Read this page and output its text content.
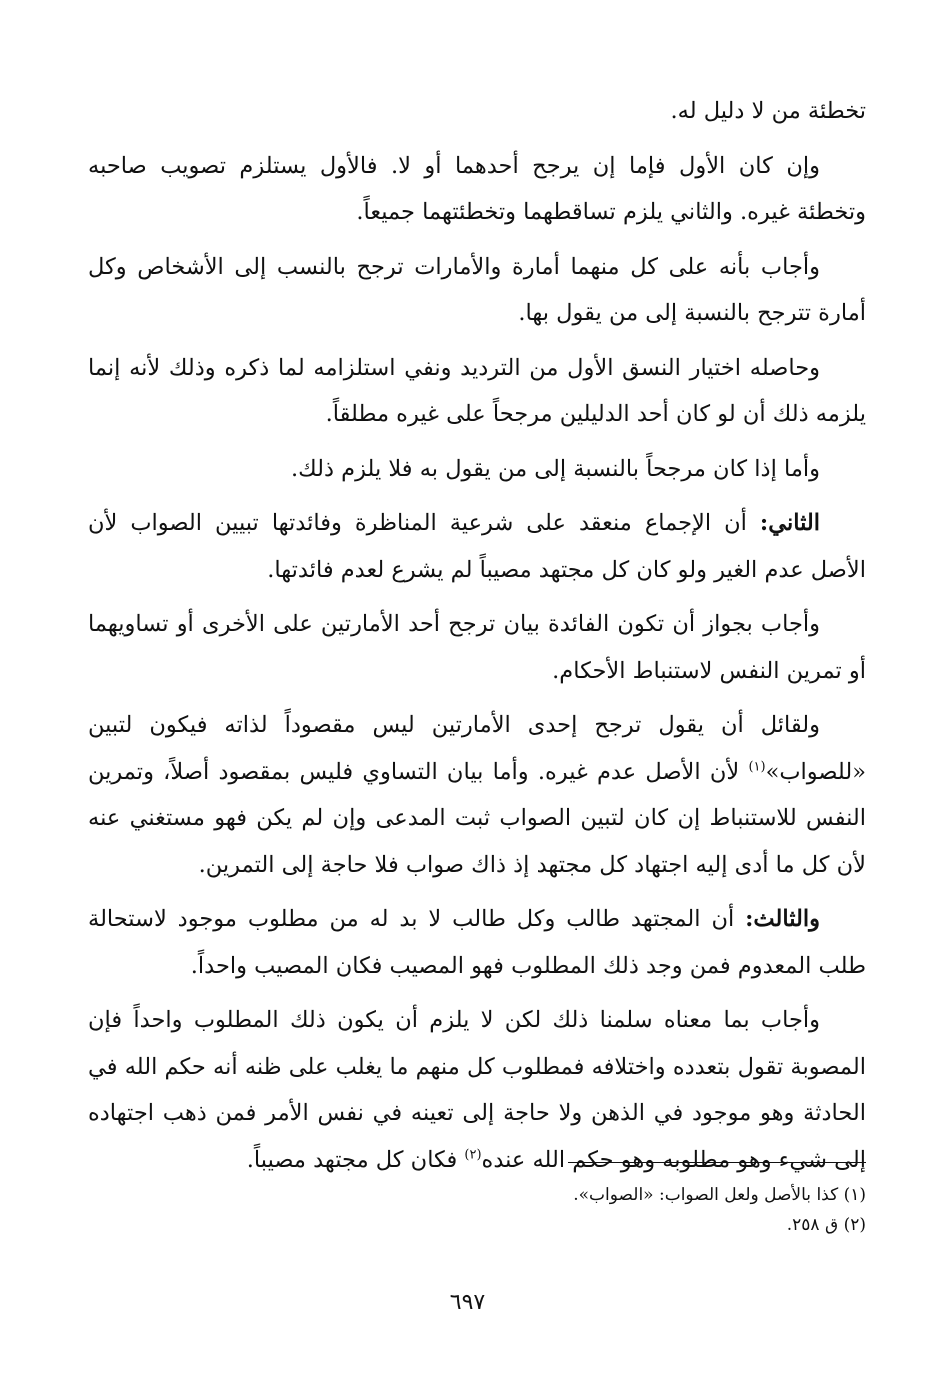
تخطئة من لا دليل له.

وإن كان الأول فإما إن يرجح أحدهما أو لا. فالأول يستلزم تصويب صاحبه وتخطئة غيره. والثاني يلزم تساقطهما وتخطئتهما جميعاً.

وأجاب بأنه على كل منهما أمارة والأمارات ترجح بالنسب إلى الأشخاص وكل أمارة تترجح بالنسبة إلى من يقول بها.

وحاصله اختيار النسق الأول من الترديد ونفي استلزامه لما ذكره وذلك لأنه إنما يلزمه ذلك أن لو كان أحد الدليلين مرجحاً على غيره مطلقاً.

وأما إذا كان مرجحاً بالنسبة إلى من يقول به فلا يلزم ذلك.

الثاني: أن الإجماع منعقد على شرعية المناظرة وفائدتها تبيين الصواب لأن الأصل عدم الغير ولو كان كل مجتهد مصيباً لم يشرع لعدم فائدتها.

وأجاب بجواز أن تكون الفائدة بيان ترجح أحد الأمارتين على الأخرى أو تساويهما أو تمرين النفس لاستنباط الأحكام.

ولقائل أن يقول ترجح إحدى الأمارتين ليس مقصوداً لذاته فيكون لتبين «للصواب»$^{(١)}$ لأن الأصل عدم غيره. وأما بيان التساوي فليس بمقصود أصلاً، وتمرين النفس للاستنباط إن كان لتبين الصواب ثبت المدعى وإن لم يكن فهو مستغني عنه لأن كل ما أدى إليه اجتهاد كل مجتهد إذ ذاك صواب فلا حاجة إلى التمرين.

والثالث: أن المجتهد طالب وكل طالب لا بد له من مطلوب موجود لاستحالة طلب المعدوم فمن وجد ذلك المطلوب فهو المصيب فكان المصيب واحداً.

وأجاب بما معناه سلمنا ذلك لكن لا يلزم أن يكون ذلك المطلوب واحداً فإن المصوبة تقول بتعدده واختلافه فمطلوب كل منهم ما يغلب على ظنه أنه حكم الله في الحادثة وهو موجود في الذهن ولا حاجة إلى تعينه في نفس الأمر فمن ذهب اجتهاده إلى شيء وهو مطلوبه وهو حكم الله عنده$^{(٢)}$ فكان كل مجتهد مصيباً.

(١) كذا بالأصل ولعل الصواب: «الصواب».

(٢) ق ٢٥٨.

٦٩٧
